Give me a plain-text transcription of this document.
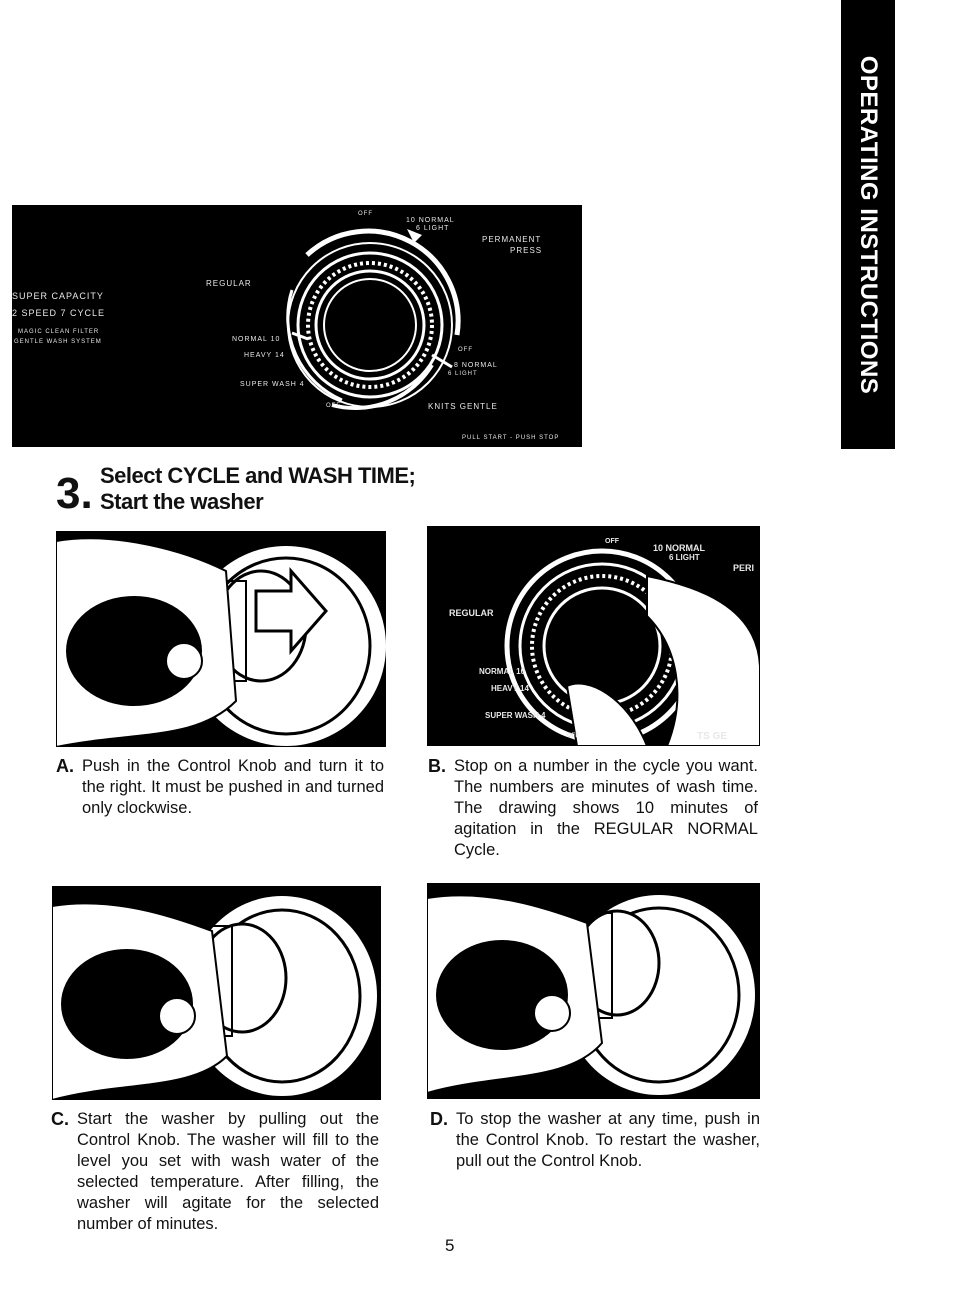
OPERATING INSTRUCTIONS
SUPER CAPACITY
2 SPEED 7 CYCLE
MAGIC CLEAN FILTER
GENTLE WASH SYSTEM
OFF
10 NORMAL
6 LIGHT
PERMANENT
PRESS
REGULAR
NORMAL 10
HEAVY 14
SUPER WASH 4
OFF
8 NORMAL
6 LIGHT
OFF	KNITS GENTLE
PULL START - PUSH STOP
3. Select CYCLE and WASH TIME;
Start the washer
OFF
10 NORMAL
6 LIGHT
PERI
REGULAR
NORMAL 10
HEAVY 14
SUPER WASH 4
OFF	TS GE
A. Push in the Control Knob and turn it to the right. It must be pushed in and turned only clockwise.
B. Stop on a number in the cycle you want. The numbers are minutes of wash time. The drawing shows 10 minutes of agitation in the REGULAR NORMAL Cycle.
C. Start the washer by pulling out the Control Knob. The washer will fill to the level you set with wash water of the selected temperature. After filling, the washer will agitate for the selected number of minutes.
D. To stop the washer at any time, push in the Control Knob. To restart the washer, pull out the Control Knob.
5
